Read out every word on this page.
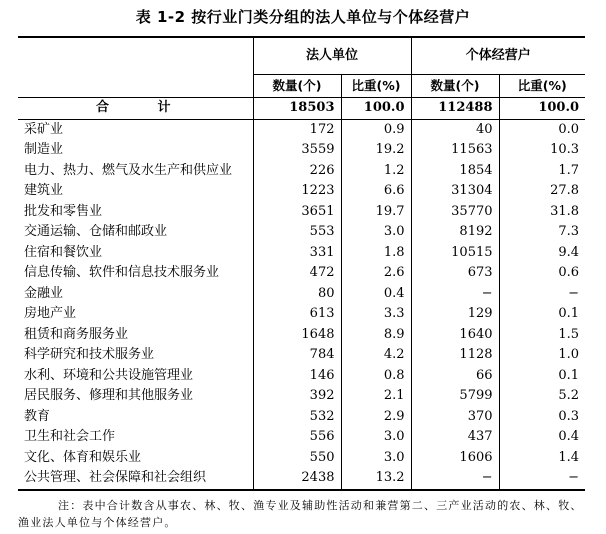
表 1-2 按行业门类分组的法人单位与个体经营户
	法人单位		个体经营户	
	数量(个)	比重(%)	数量(个)	比重(%)
合 计	18503	100.0	112488	100.0
采矿业	172	0.9	40	0.0
制造业	3559	19.2	11563	10.3
电力、热力、燃气及水生产和供应业	226	1.2	1854	1.7
建筑业	1223	6.6	31304	27.8
批发和零售业	3651	19.7	35770	31.8
交通运输、仓储和邮政业	553	3.0	8192	7.3
住宿和餐饮业	331	1.8	10515	9.4
信息传输、软件和信息技术服务业	472	2.6	673	0.6
金融业	80	0.4	−	−
房地产业	613	3.3	129	0.1
租赁和商务服务业	1648	8.9	1640	1.5
科学研究和技术服务业	784	4.2	1128	1.0
水利、环境和公共设施管理业	146	0.8	66	0.1
居民服务、修理和其他服务业	392	2.1	5799	5.2
教育	532	2.9	370	0.3
卫生和社会工作	556	3.0	437	0.4
文化、体育和娱乐业	550	3.0	1606	1.4
公共管理、社会保障和社会组织	2438	13.2	−	−
注：表中合计数含从事农、林、牧、渔专业及辅助性活动和兼营第二、三产业活动的农、林、牧、渔业法人单位与个体经营户。
